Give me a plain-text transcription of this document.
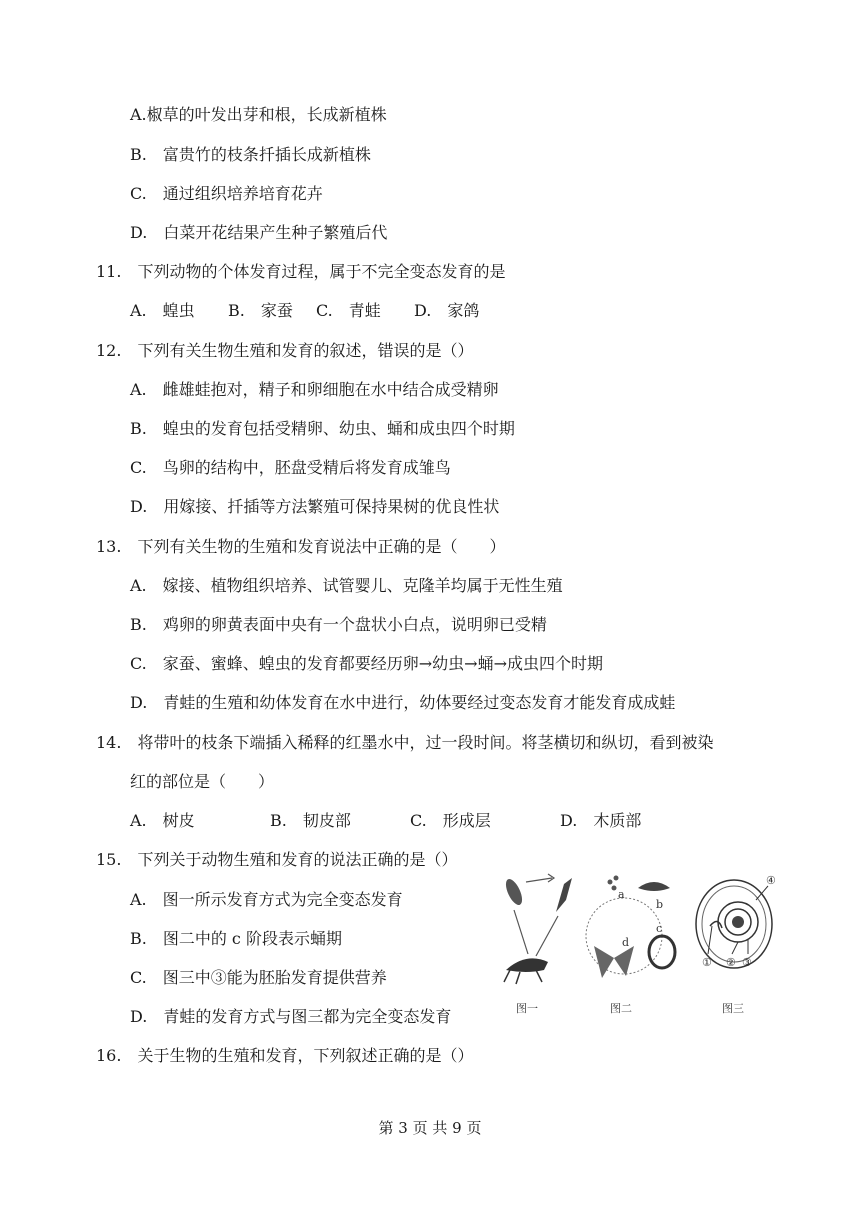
A.椒草的叶发出芽和根，长成新植株
B.　富贵竹的枝条扦插长成新植株
C.　通过组织培养培育花卉
D.　白菜开花结果产生种子繁殖后代
11.　下列动物的个体发育过程，属于不完全变态发育的是
A.　蝗虫 B.　家蚕 C.　青蛙 D.　家鸽
12.　下列有关生物生殖和发育的叙述，错误的是（）
A.　雌雄蛙抱对，精子和卵细胞在水中结合成受精卵
B.　蝗虫的发育包括受精卵、幼虫、蛹和成虫四个时期
C.　鸟卵的结构中，胚盘受精后将发育成雏鸟
D.　用嫁接、扦插等方法繁殖可保持果树的优良性状
13.　下列有关生物的生殖和发育说法中正确的是（　　）
A.　嫁接、植物组织培养、试管婴儿、克隆羊均属于无性生殖
B.　鸡卵的卵黄表面中央有一个盘状小白点，说明卵已受精
C.　家蚕、蜜蜂、蝗虫的发育都要经历卵→幼虫→蛹→成虫四个时期
D.　青蛙的生殖和幼体发育在水中进行，幼体要经过变态发育才能发育成成蛙
14.　将带叶的枝条下端插入稀释的红墨水中，过一段时间。将茎横切和纵切，看到被染
红的部位是（　　）
A.　树皮	B.　韧皮部	C.　形成层	D.　木质部
15.　下列关于动物生殖和发育的说法正确的是（）
A.　图一所示发育方式为完全变态发育
B.　图二中的 c 阶段表示蛹期
C.　图三中③能为胚胎发育提供营养
D.　青蛙的发育方式与图三都为完全变态发育	图一
a
b
c
d
图二
① ② ③
④
图三
16.　关于生物的生殖和发育，下列叙述正确的是（）
第 3 页 共 9 页
